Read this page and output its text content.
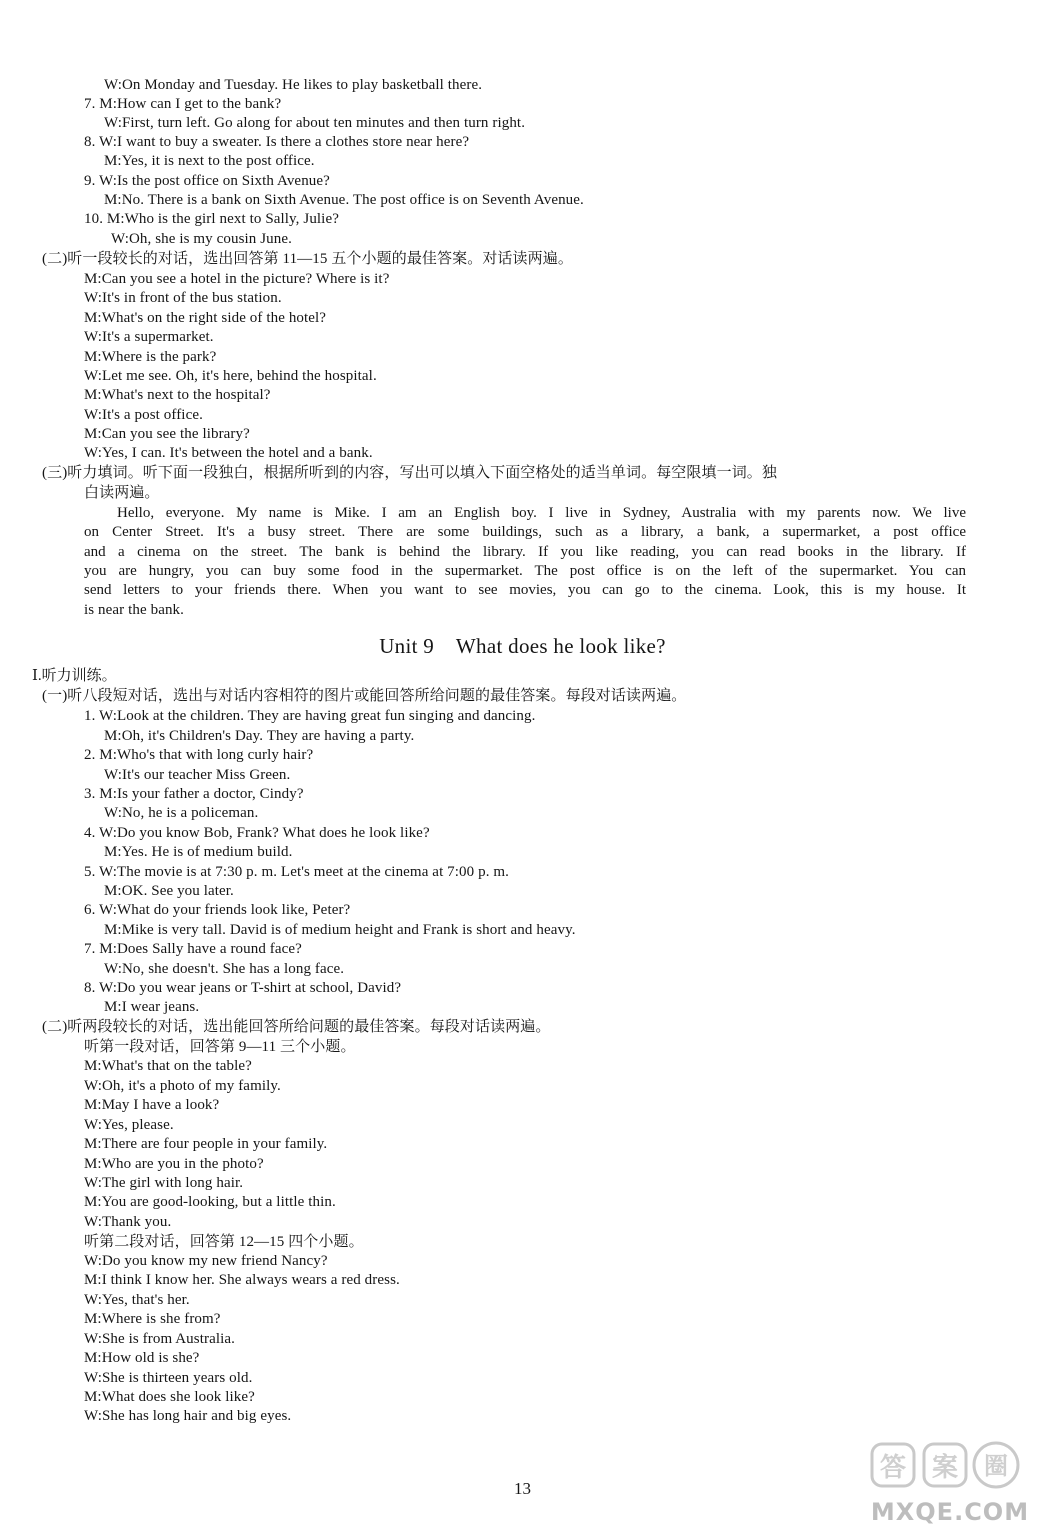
W:On Monday and Tuesday. He likes to play basketball there.
7. M:How can I get to the bank?
W:First, turn left. Go along for about ten minutes and then turn right.
8. W:I want to buy a sweater. Is there a clothes store near here?
M:Yes, it is next to the post office.
9. W:Is the post office on Sixth Avenue?
M:No. There is a bank on Sixth Avenue. The post office is on Seventh Avenue.
10. M:Who is the girl next to Sally, Julie?
W:Oh, she is my cousin June.
(二)听一段较长的对话，选出回答第 11—15 五个小题的最佳答案。对话读两遍。
M:Can you see a hotel in the picture? Where is it?
W:It's in front of the bus station.
M:What's on the right side of the hotel?
W:It's a supermarket.
M:Where is the park?
W:Let me see. Oh, it's here, behind the hospital.
M:What's next to the hospital?
W:It's a post office.
M:Can you see the library?
W:Yes, I can. It's between the hotel and a bank.
(三)听力填词。听下面一段独白，根据所听到的内容，写出可以填入下面空格处的适当单词。每空限填一词。独
白读两遍。
Hello, everyone. My name is Mike. I am an English boy. I live in Sydney, Australia with my parents now. We live
on Center Street. It's a busy street. There are some buildings, such as a library, a bank, a supermarket, a post office
and a cinema on the street. The bank is behind the library. If you like reading, you can read books in the library. If
you are hungry, you can buy some food in the supermarket. The post office is on the left of the supermarket. You can
send letters to your friends there. When you want to see movies, you can go to the cinema. Look, this is my house. It
is near the bank.
Unit 9    What does he look like?
Ⅰ.听力训练。
(一)听八段短对话，选出与对话内容相符的图片或能回答所给问题的最佳答案。每段对话读两遍。
1. W:Look at the children. They are having great fun singing and dancing.
M:Oh, it's Children's Day. They are having a party.
2. M:Who's that with long curly hair?
W:It's our teacher Miss Green.
3. M:Is your father a doctor, Cindy?
W:No, he is a policeman.
4. W:Do you know Bob, Frank? What does he look like?
M:Yes. He is of medium build.
5. W:The movie is at 7:30 p. m. Let's meet at the cinema at 7:00 p. m.
M:OK. See you later.
6. W:What do your friends look like, Peter?
M:Mike is very tall. David is of medium height and Frank is short and heavy.
7. M:Does Sally have a round face?
W:No, she doesn't. She has a long face.
8. W:Do you wear jeans or T-shirt at school, David?
M:I wear jeans.
(二)听两段较长的对话，选出能回答所给问题的最佳答案。每段对话读两遍。
听第一段对话，回答第 9—11 三个小题。
M:What's that on the table?
W:Oh, it's a photo of my family.
M:May I have a look?
W:Yes, please.
M:There are four people in your family.
M:Who are you in the photo?
W:The girl with long hair.
M:You are good-looking, but a little thin.
W:Thank you.
听第二段对话，回答第 12—15 四个小题。
W:Do you know my new friend Nancy?
M:I think I know her. She always wears a red dress.
W:Yes, that's her.
M:Where is she from?
W:She is from Australia.
M:How old is she?
W:She is thirteen years old.
M:What does she look like?
W:She has long hair and big eyes.
13
答 案 圈
MXQE.COM
